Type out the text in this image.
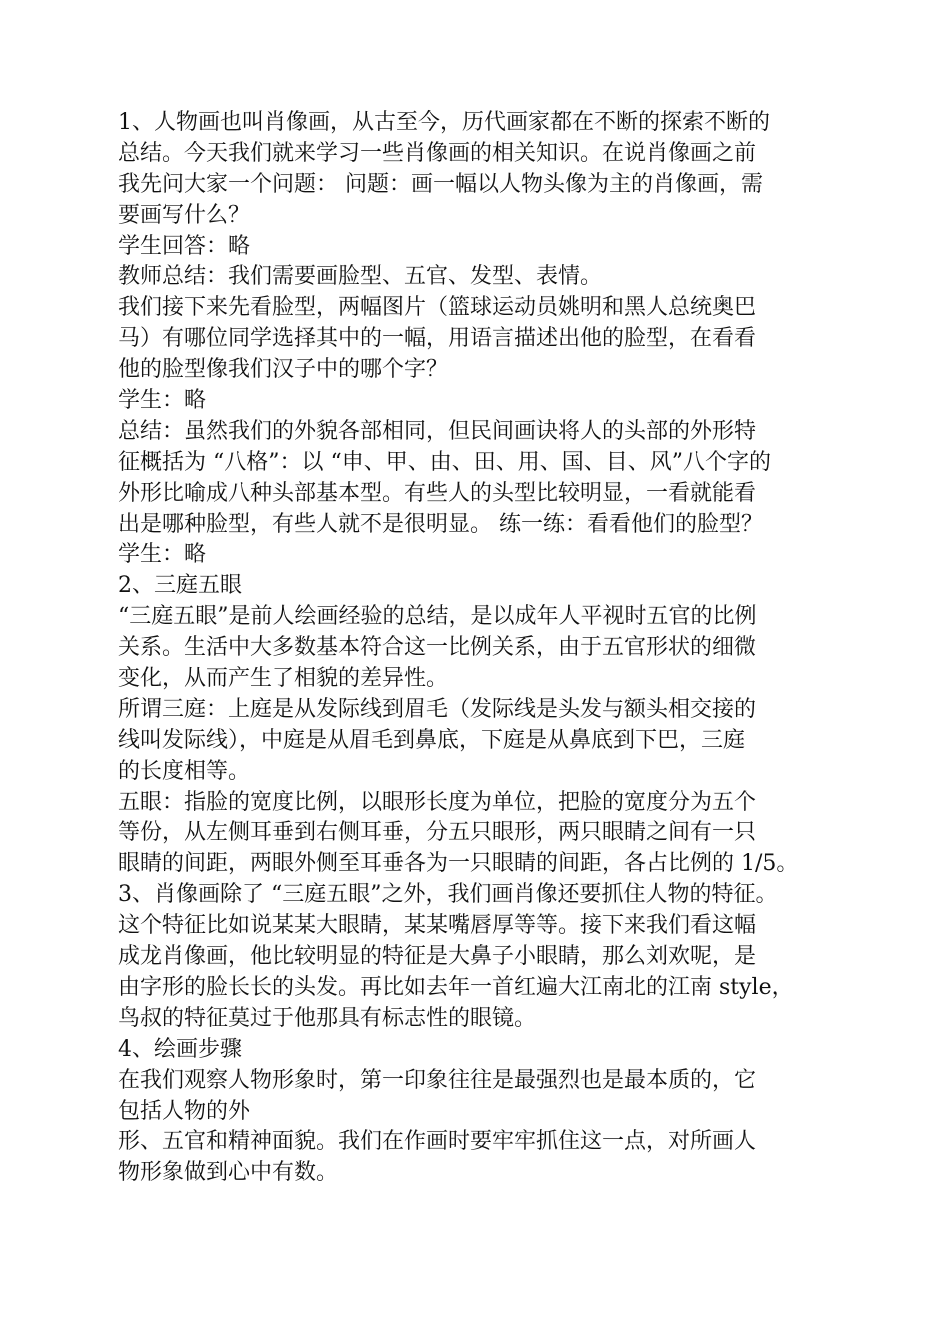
1、人物画也叫肖像画，从古至今，历代画家都在不断的探索不断的
总结。今天我们就来学习一些肖像画的相关知识。在说肖像画之前
我先问大家一个问题： 问题：画一幅以人物头像为主的肖像画，需
要画写什么？
学生回答：略
教师总结：我们需要画脸型、五官、发型、表情。
我们接下来先看脸型，两幅图片（篮球运动员姚明和黑人总统奥巴
马）有哪位同学选择其中的一幅，用语言描述出他的脸型，在看看
他的脸型像我们汉子中的哪个字？
学生：略
总结：虽然我们的外貌各部相同，但民间画诀将人的头部的外形特
征概括为 “八格”：以 “申、甲、由、田、用、国、目、风”八个字的
外形比喻成八种头部基本型。有些人的头型比较明显，一看就能看
出是哪种脸型，有些人就不是很明显。 练一练：看看他们的脸型？
学生：略
2、三庭五眼
“三庭五眼”是前人绘画经验的总结，是以成年人平视时五官的比例
关系。生活中大多数基本符合这一比例关系，由于五官形状的细微
变化，从而产生了相貌的差异性。
所谓三庭：上庭是从发际线到眉毛（发际线是头发与额头相交接的
线叫发际线），中庭是从眉毛到鼻底，下庭是从鼻底到下巴，三庭
的长度相等。
五眼：指脸的宽度比例，以眼形长度为单位，把脸的宽度分为五个
等份，从左侧耳垂到右侧耳垂，分五只眼形，两只眼睛之间有一只
眼睛的间距，两眼外侧至耳垂各为一只眼睛的间距，各占比例的 1/5。
3、肖像画除了 “三庭五眼”之外，我们画肖像还要抓住人物的特征。
这个特征比如说某某大眼睛，某某嘴唇厚等等。接下来我们看这幅
成龙肖像画，他比较明显的特征是大鼻子小眼睛，那么刘欢呢，是
由字形的脸长长的头发。再比如去年一首红遍大江南北的江南 style，
鸟叔的特征莫过于他那具有标志性的眼镜。
4、绘画步骤
在我们观察人物形象时，第一印象往往是最强烈也是最本质的，它
包括人物的外
形、五官和精神面貌。我们在作画时要牢牢抓住这一点，对所画人
物形象做到心中有数。
